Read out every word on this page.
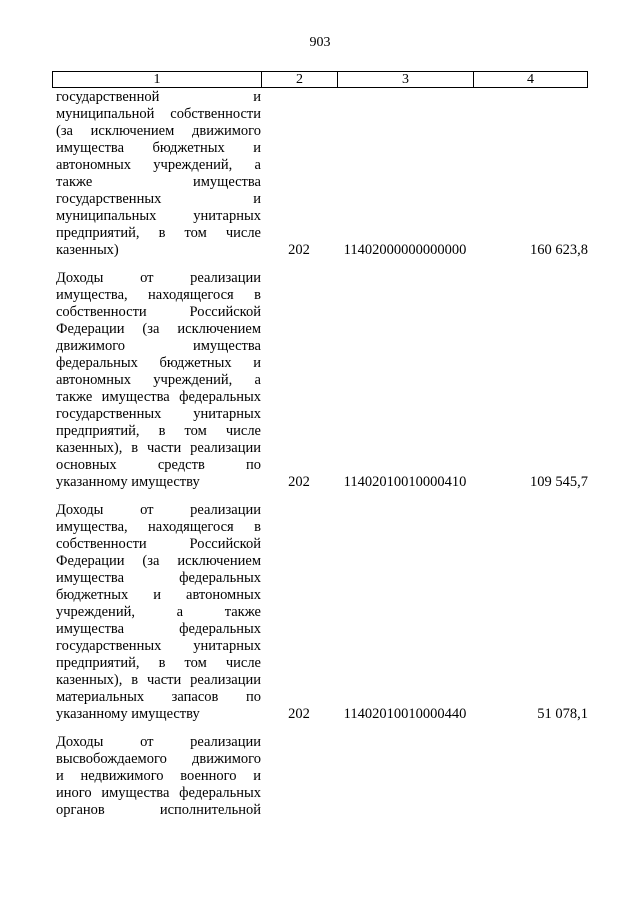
903
1	2	3	4
государственной и
муниципальной собственности
(за исключением движимого
имущества бюджетных и
автономных учреждений, а
также имущества
государственных и
муниципальных унитарных
предприятий, в том числе
казенных)	202	11402000000000000	160 623,8
Доходы от реализации
имущества, находящегося в
собственности Российской
Федерации (за исключением
движимого имущества
федеральных бюджетных и
автономных учреждений, а
также имущества федеральных
государственных унитарных
предприятий, в том числе
казенных), в части реализации
основных средств по
указанному имуществу	202	11402010010000410	109 545,7
Доходы от реализации
имущества, находящегося в
собственности Российской
Федерации (за исключением
имущества федеральных
бюджетных и автономных
учреждений, а также
имущества федеральных
государственных унитарных
предприятий, в том числе
казенных), в части реализации
материальных запасов по
указанному имуществу	202	11402010010000440	51 078,1
Доходы от реализации
высвобождаемого движимого
и недвижимого военного и
иного имущества федеральных
органов исполнительной
